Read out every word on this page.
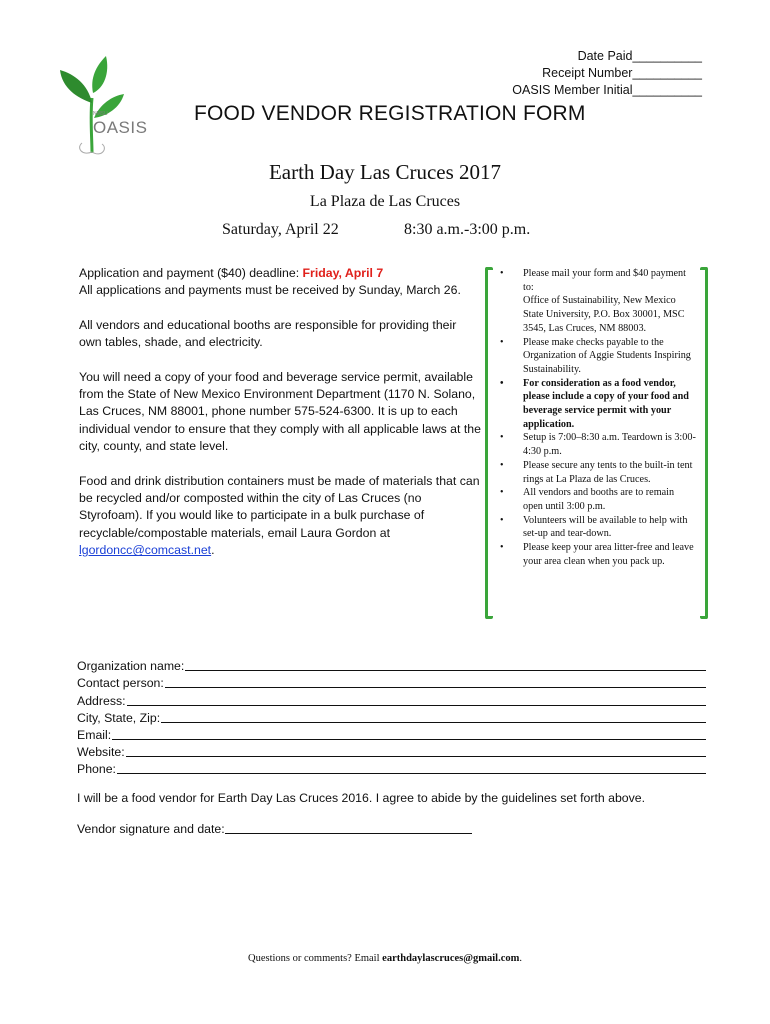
NMSU
OASIS
Date Paid__________
Receipt Number__________
OASIS Member Initial__________
FOOD VENDOR REGISTRATION FORM
Earth Day Las Cruces 2017
La Plaza de Las Cruces
Saturday, April 22	8:30 a.m.-3:00 p.m.

Application and payment ($40) deadline: Friday, April 7
All applications and payments must be received by Sunday, March 26.

All vendors and educational booths are responsible for providing their own tables, shade, and electricity.

You will need a copy of your food and beverage service permit, available from the State of New Mexico Environment Department (1170 N. Solano, Las Cruces, NM 88001, phone number 575-524-6300. It is up to each individual vendor to ensure that they comply with all applicable laws at the city, county, and state level.

Food and drink distribution containers must be made of materials that can be recycled and/or composted within the city of Las Cruces (no Styrofoam). If you would like to participate in a bulk purchase of recyclable/compostable materials, email Laura Gordon at lgordoncc@comcast.net.

• Please mail your form and $40 payment to:
Office of Sustainability, New Mexico State University, P.O. Box 30001, MSC 3545, Las Cruces, NM 88003.
• Please make checks payable to the Organization of Aggie Students Inspiring Sustainability.
• For consideration as a food vendor, please include a copy of your food and beverage service permit with your application.
• Setup is 7:00–8:30 a.m. Teardown is 3:00-4:30 p.m.
• Please secure any tents to the built-in tent rings at La Plaza de las Cruces.
• All vendors and booths are to remain open until 3:00 p.m.
• Volunteers will be available to help with set-up and tear-down.
• Please keep your area litter-free and leave your area clean when you pack up.
Organization name:
Contact person:
Address:
City, State, Zip:
Email:
Website:
Phone:
I will be a food vendor for Earth Day Las Cruces 2016. I agree to abide by the guidelines set forth above.
Vendor signature and date:
Questions or comments? Email earthdaylascruces@gmail.com.
